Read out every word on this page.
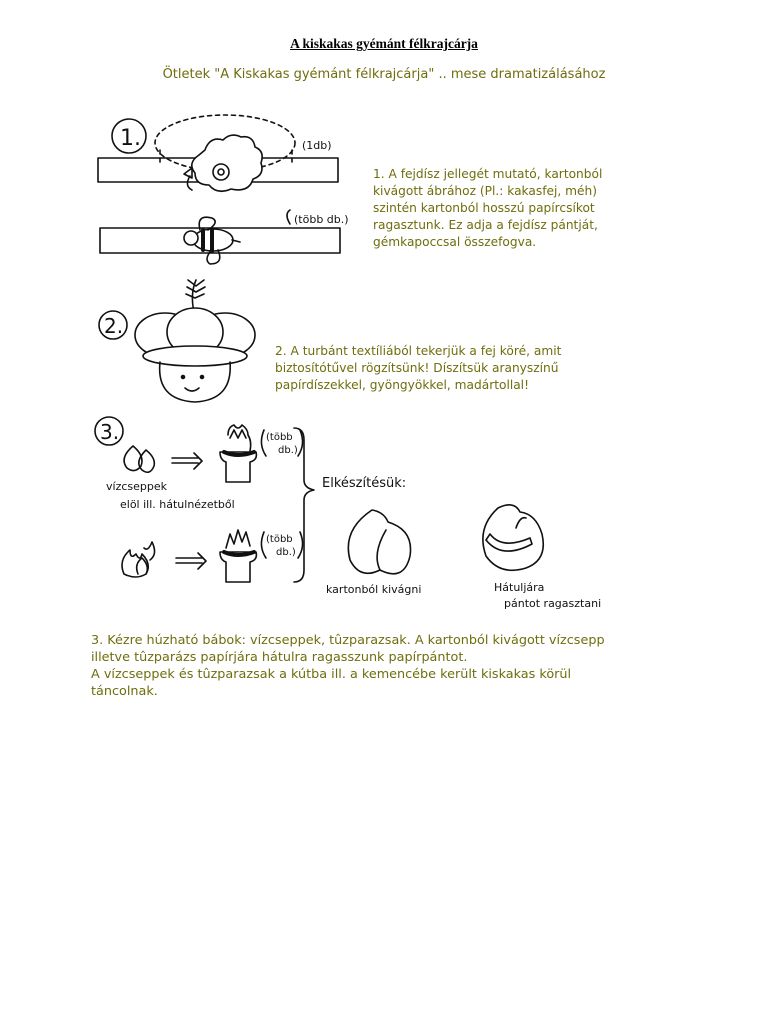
A kiskakas gyémánt félkrajcárja
Ötletek "A Kiskakas gyémánt félkrajcárja" .. mese dramatizálásához
1. A fejdísz jellegét mutató, kartonból
kivágott ábrához (Pl.: kakasfej, méh)
szintén kartonból hosszú papírcsíkot
ragasztunk. Ez adja a fejdísz pántját,
gémkapoccsal összefogva.
2. A turbánt textíliából tekerjük a fej köré, amit
biztosítótűvel rögzítsünk! Díszítsük aranyszínű
papírdíszekkel, gyöngyökkel, madártollal!
3. Kézre húzható bábok: vízcseppek, tûzparazsak. A kartonból kivágott vízcsepp
illetve tûzparázs papírjára hátulra ragasszunk papírpántot.
A vízcseppek és tûzparazsak a kútba ill. a kemencébe került kiskakas körül
táncolnak.
1.	(1db)
(több db.)
2.
3.	(több
db.)
vízcseppek
elöl ill. hátulnézetből
(több
db.)
Elkészítésük:
kartonból kivágni	Hátuljára
pántot ragasztani
